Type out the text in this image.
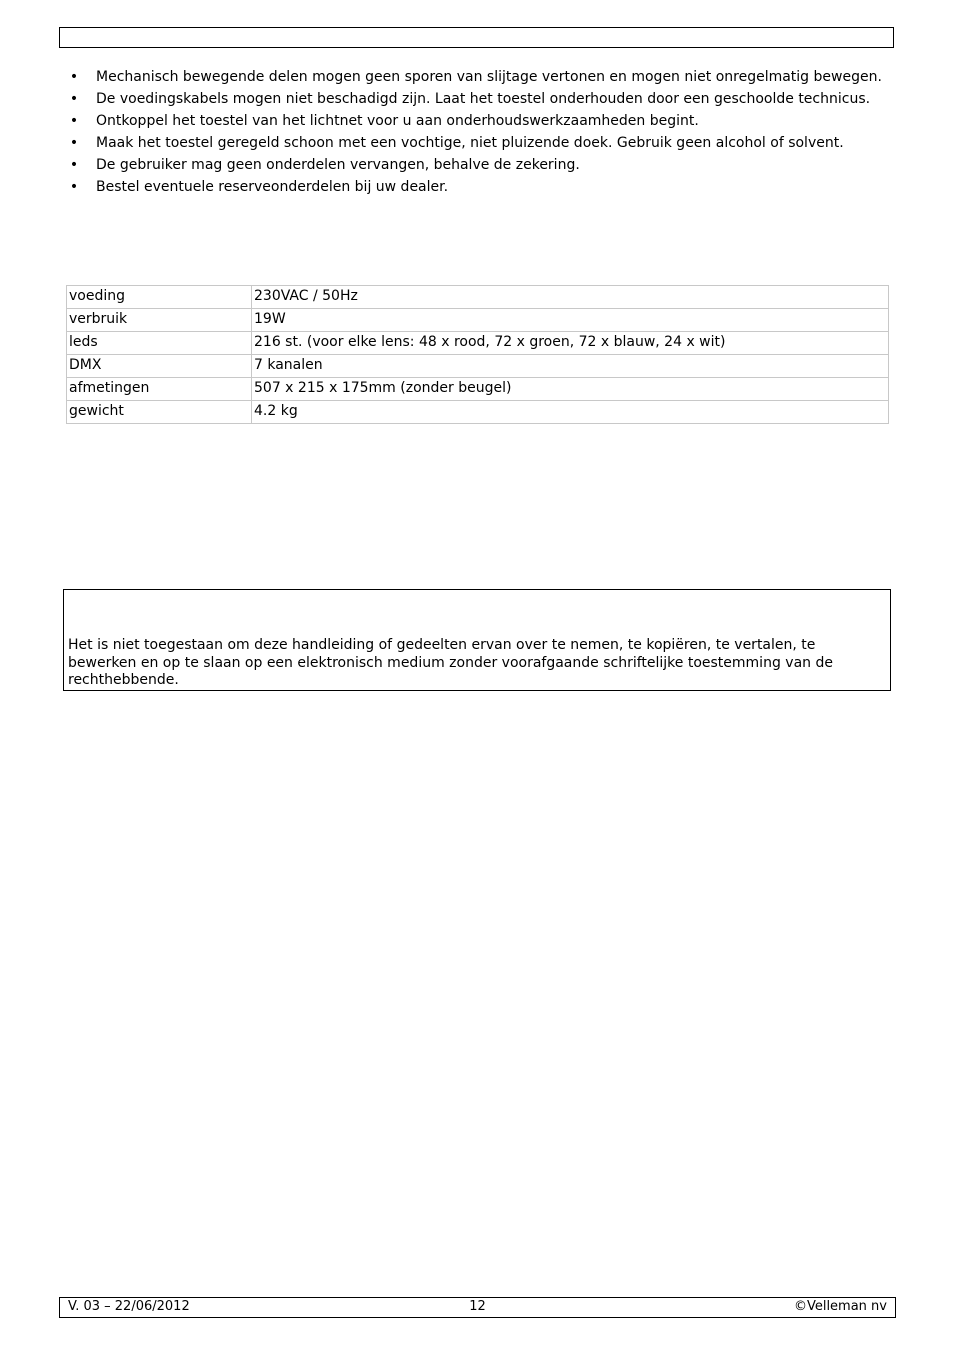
• Mechanisch bewegende delen mogen geen sporen van slijtage vertonen en mogen niet onregelmatig bewegen.
• De voedingskabels mogen niet beschadigd zijn. Laat het toestel onderhouden door een geschoolde technicus.
• Ontkoppel het toestel van het lichtnet voor u aan onderhoudswerkzaamheden begint.
• Maak het toestel geregeld schoon met een vochtige, niet pluizende doek. Gebruik geen alcohol of solvent.
• De gebruiker mag geen onderdelen vervangen, behalve de zekering.
• Bestel eventuele reserveonderdelen bij uw dealer.
voeding	230VAC / 50Hz
verbruik	19W
leds	216 st. (voor elke lens: 48 x rood, 72 x groen, 72 x blauw, 24 x wit)
DMX	7 kanalen
afmetingen	507 x 215 x 175mm (zonder beugel)
gewicht	4.2 kg

Het is niet toegestaan om deze handleiding of gedeelten ervan over te nemen, te kopiëren, te vertalen, te bewerken en op te slaan op een elektronisch medium zonder voorafgaande schriftelijke toestemming van de rechthebbende.

12
V. 03 – 22/06/2012	©Velleman nv
